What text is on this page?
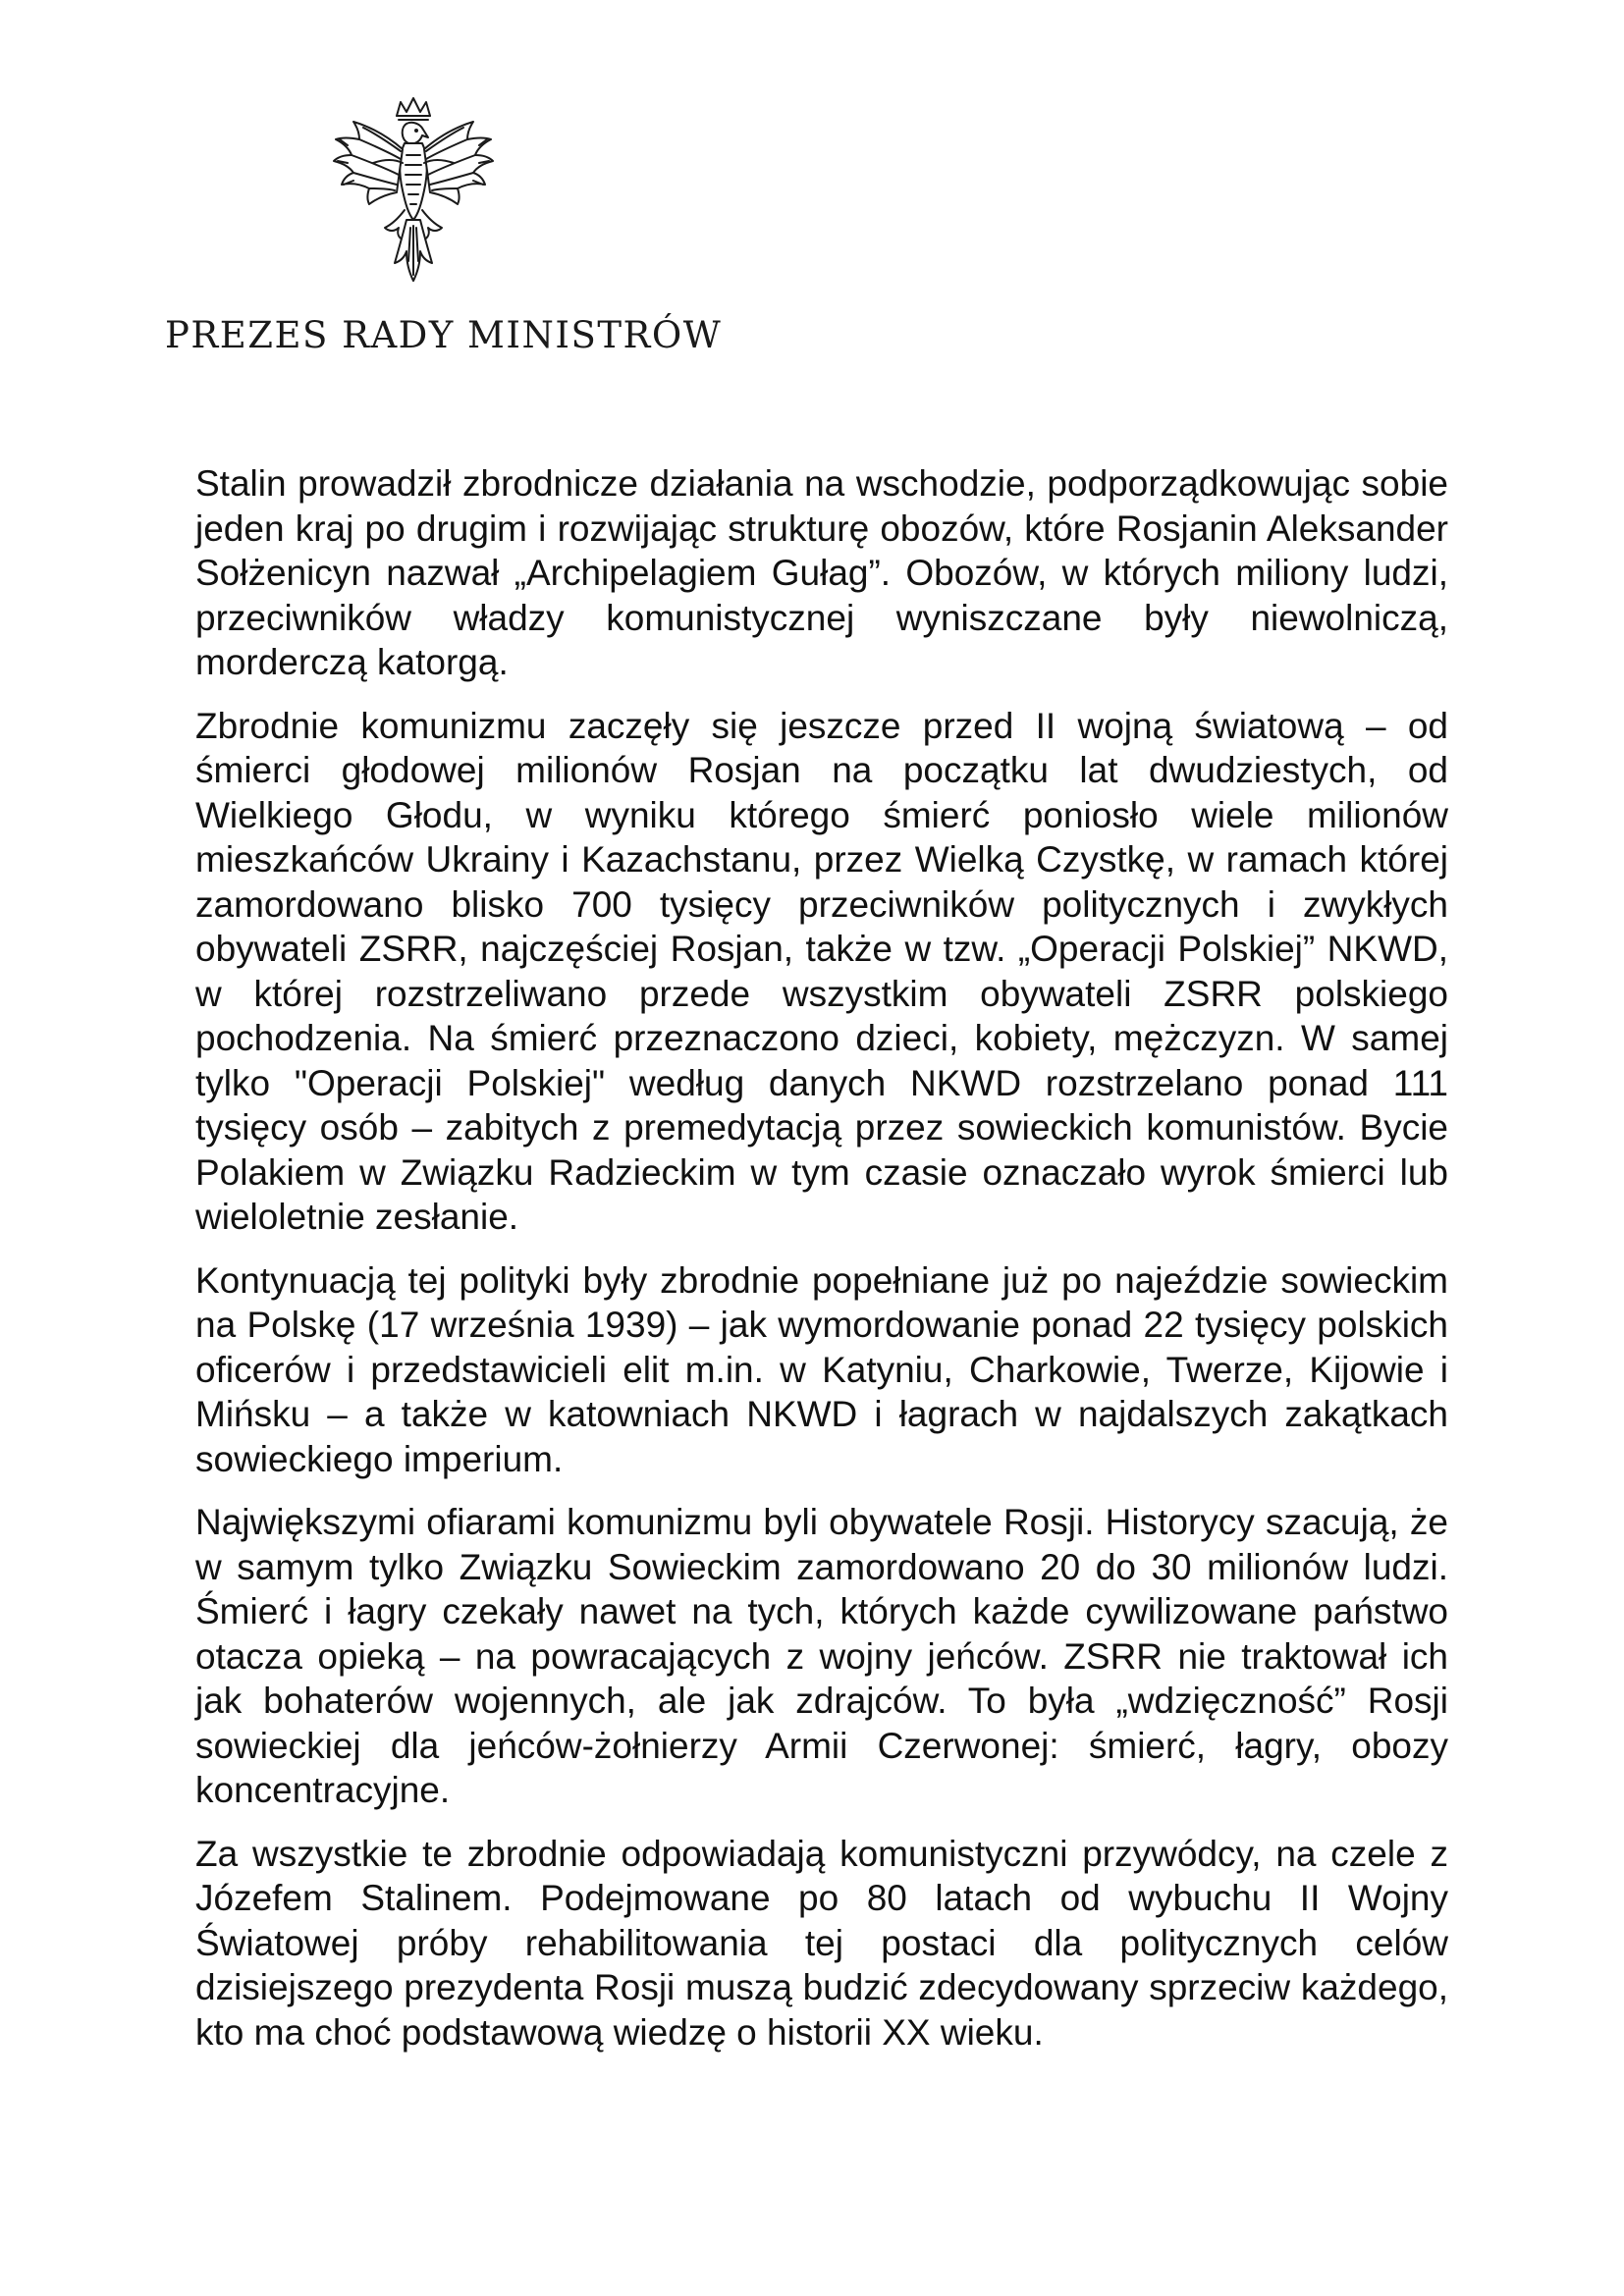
PREZES RADY MINISTRÓW

Stalin prowadził zbrodnicze działania na wschodzie, podporządkowując sobie jeden kraj po drugim i rozwijając strukturę obozów, które Rosjanin Aleksander Sołżenicyn nazwał „Archipelagiem Gułag”. Obozów, w których miliony ludzi, przeciwników władzy komunistycznej wyniszczane były niewolniczą, morderczą katorgą.

Zbrodnie komunizmu zaczęły się jeszcze przed II wojną światową – od śmierci głodowej milionów Rosjan na początku lat dwudziestych, od Wielkiego Głodu, w wyniku którego śmierć poniosło wiele milionów mieszkańców Ukrainy i Kazachstanu, przez Wielką Czystkę, w ramach której zamordowano blisko 700 tysięcy przeciwników politycznych i zwykłych obywateli ZSRR, najczęściej Rosjan, także w tzw. „Operacji Polskiej” NKWD, w której rozstrzeliwano przede wszystkim obywateli ZSRR polskiego pochodzenia. Na śmierć przeznaczono dzieci, kobiety, mężczyzn. W samej tylko "Operacji Polskiej" według danych NKWD rozstrzelano ponad 111 tysięcy osób – zabitych z premedytacją przez sowieckich komunistów. Bycie Polakiem w Związku Radzieckim w tym czasie oznaczało wyrok śmierci lub wieloletnie zesłanie.

Kontynuacją tej polityki były zbrodnie popełniane już po najeździe sowieckim na Polskę (17 września 1939) – jak wymordowanie ponad 22 tysięcy polskich oficerów i przedstawicieli elit m.in. w Katyniu, Charkowie, Twerze, Kijowie i Mińsku – a także w katowniach NKWD i łagrach w najdalszych zakątkach sowieckiego imperium.

Największymi ofiarami komunizmu byli obywatele Rosji. Historycy szacują, że w samym tylko Związku Sowieckim zamordowano 20 do 30 milionów ludzi. Śmierć i łagry czekały nawet na tych, których każde cywilizowane państwo otacza opieką – na powracających z wojny jeńców. ZSRR nie traktował ich jak bohaterów wojennych, ale jak zdrajców. To była „wdzięczność” Rosji sowieckiej dla jeńców-żołnierzy Armii Czerwonej: śmierć, łagry, obozy koncentracyjne.

Za wszystkie te zbrodnie odpowiadają komunistyczni przywódcy, na czele z Józefem Stalinem. Podejmowane po 80 latach od wybuchu II Wojny Światowej próby rehabilitowania tej postaci dla politycznych celów dzisiejszego prezydenta Rosji muszą budzić zdecydowany sprzeciw każdego, kto ma choć podstawową wiedzę o historii XX wieku.
